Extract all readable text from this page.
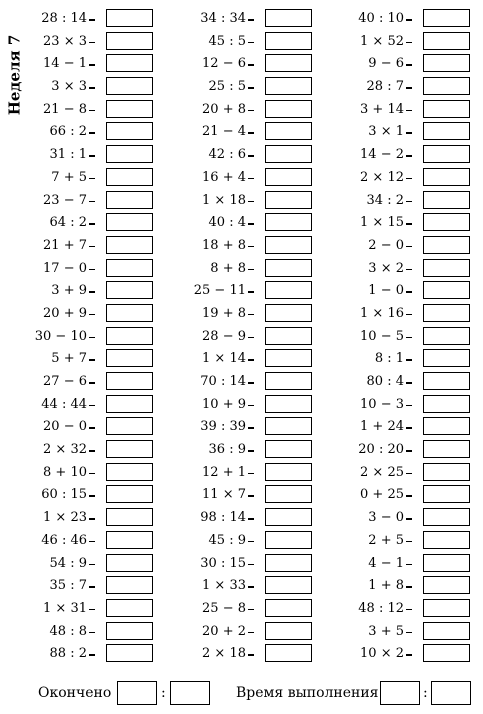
Неделя 7
28 : 14
23 × 3
14 − 1
3 × 3
21 − 8
66 : 2
31 : 1
7 + 5
23 − 7
64 : 2
21 + 7
17 − 0
3 + 9
20 + 9
30 − 10
5 + 7
27 − 6
44 : 44
20 − 0
2 × 32
8 + 10
60 : 15
1 × 23
46 : 46
54 : 9
35 : 7
1 × 31
48 : 8
88 : 2
34 : 34
45 : 5
12 − 6
25 : 5
20 + 8
21 − 4
42 : 6
16 + 4
1 × 18
40 : 4
18 + 8
8 + 8
25 − 11
19 + 8
28 − 9
1 × 14
70 : 14
10 + 9
39 : 39
36 : 9
12 + 1
11 × 7
98 : 14
45 : 9
30 : 15
1 × 33
25 − 8
20 + 2
2 × 18
40 : 10
1 × 52
9 − 6
28 : 7
3 + 14
3 × 1
14 − 2
2 × 12
34 : 2
1 × 15
2 − 0
3 × 2
1 − 0
1 × 16
10 − 5
8 : 1
80 : 4
10 − 3
1 + 24
20 : 20
2 × 25
0 + 25
3 − 0
2 + 5
4 − 1
1 + 8
48 : 12
3 + 5
10 × 2
Окончено	:	Время выполнения	:
